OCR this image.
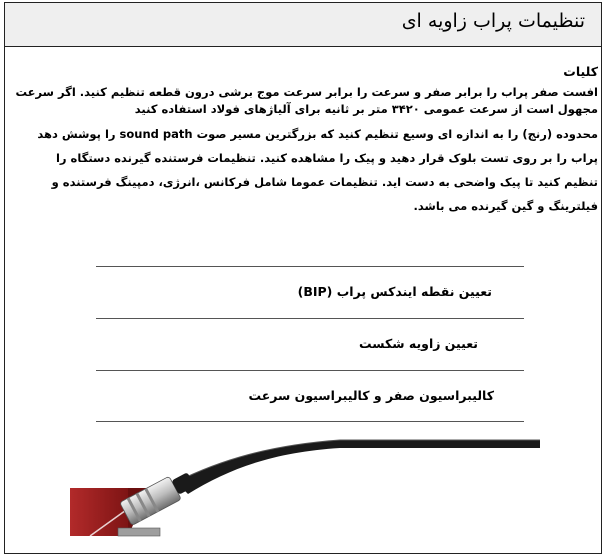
تنظیمات پراب زاویه ای
کلیات
افست صفر پراب را برابر صفر و سرعت را برابر سرعت موج برشی درون قطعه تنظیم کنید. اگر سرعت
مجهول است از سرعت عمومی ۳۴۲۰ متر بر ثانیه برای آلیاژهای فولاد استفاده کنید
محدوده (رنج) را به اندازه ای وسیع تنظیم کنید که بزرگترین مسیر صوت sound path را پوشش دهد
پراب را بر روی تست بلوک قرار دهید و پیک را مشاهده کنید. تنظیمات فرستنده گیرنده دستگاه را
تنظیم کنید تا پیک واضحی به دست اید. تنظیمات عموما شامل فرکانس ،انرژی، دمپینگ فرستنده و
فیلترینگ و گین گیرنده می باشد.
تعیین نقطه ایندکس پراب (BIP)
تعیین زاویه شکست
کالیبراسیون صفر و کالیبراسیون سرعت
